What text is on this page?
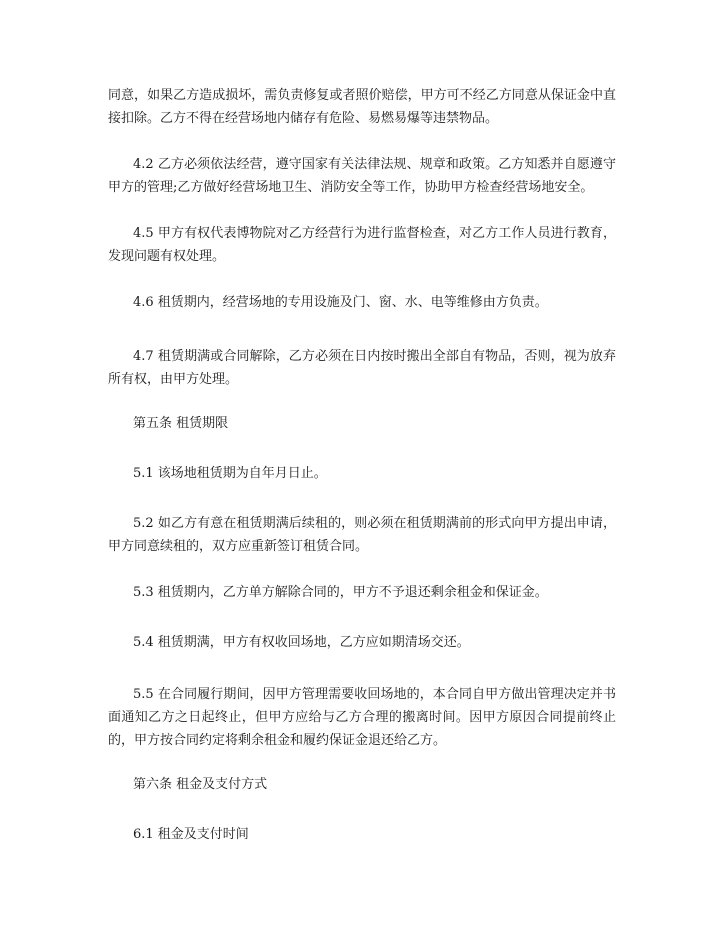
同意，如果乙方造成损坏，需负责修复或者照价赔偿，甲方可不经乙方同意从保证金中直接扣除。乙方不得在经营场地内储存有危险、易燃易爆等违禁物品。

4.2 乙方必须依法经营，遵守国家有关法律法规、规章和政策。乙方知悉并自愿遵守甲方的管理;乙方做好经营场地卫生、消防安全等工作，协助甲方检查经营场地安全。

4.5 甲方有权代表博物院对乙方经营行为进行监督检查，对乙方工作人员进行教育，发现问题有权处理。

4.6 租赁期内，经营场地的专用设施及门、窗、水、电等维修由方负责。

4.7 租赁期满或合同解除，乙方必须在日内按时搬出全部自有物品，否则，视为放弃所有权，由甲方处理。

第五条 租赁期限

5.1 该场地租赁期为自年月日止。

5.2 如乙方有意在租赁期满后续租的，则必须在租赁期满前的形式向甲方提出申请，甲方同意续租的，双方应重新签订租赁合同。

5.3 租赁期内，乙方单方解除合同的，甲方不予退还剩余租金和保证金。

5.4 租赁期满，甲方有权收回场地，乙方应如期清场交还。

5.5 在合同履行期间，因甲方管理需要收回场地的，本合同自甲方做出管理决定并书面通知乙方之日起终止，但甲方应给与乙方合理的搬离时间。因甲方原因合同提前终止的，甲方按合同约定将剩余租金和履约保证金退还给乙方。

第六条 租金及支付方式

6.1 租金及支付时间
